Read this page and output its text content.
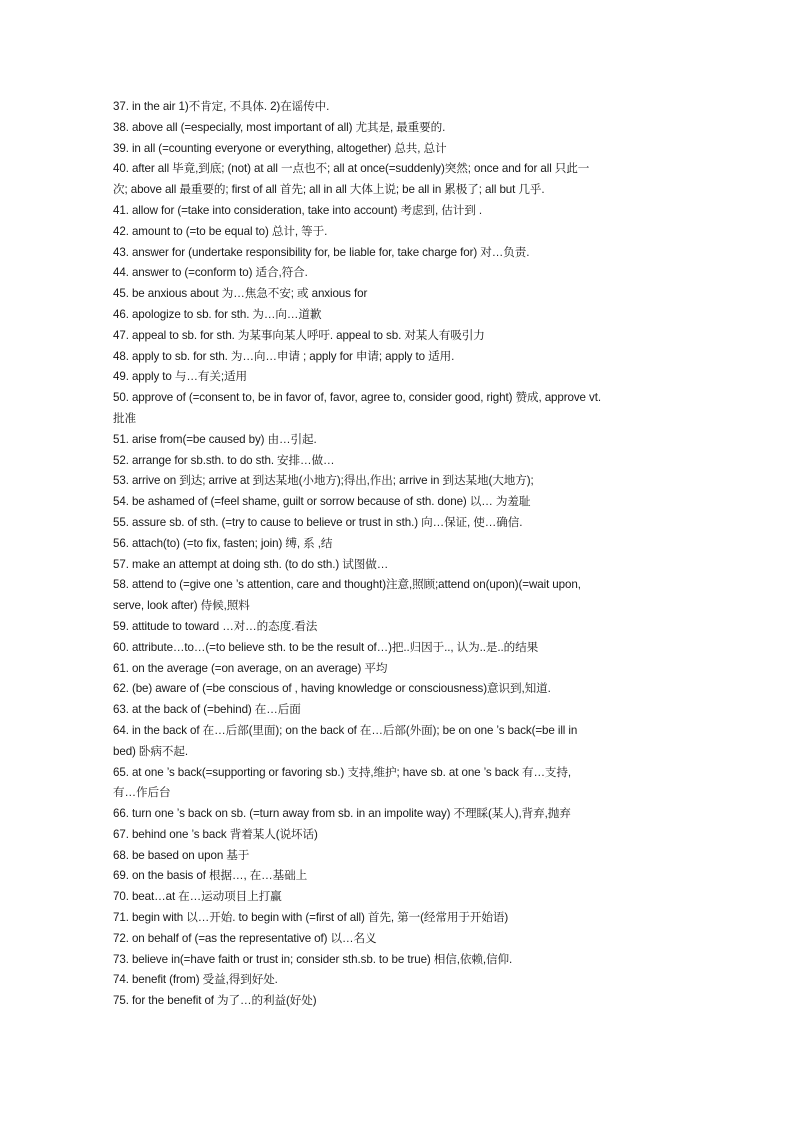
37. in the air 1)不肯定, 不具体. 2)在谣传中.
38. above all (=especially, most important of all) 尤其是, 最重要的.
39. in all (=counting everyone or everything, altogether) 总共, 总计
40. after all 毕竟,到底; (not) at all 一点也不; all at once(=suddenly)突然; once and for all 只此一
次; above all 最重要的; first of all 首先; all in all 大体上说; be all in 累极了; all but 几乎.
41. allow for (=take into consideration, take into account) 考虑到, 估计到 .
42. amount to (=to be equal to) 总计, 等于.
43. answer for (undertake responsibility for, be liable for, take charge for) 对…负责.
44. answer to (=conform to) 适合,符合.
45. be anxious about 为…焦急不安; 或 anxious for
46. apologize to sb. for sth. 为…向…道歉
47. appeal to sb. for sth. 为某事向某人呼吁. appeal to sb. 对某人有吸引力
48. apply to sb. for sth. 为…向…申请 ; apply for 申请; apply to 适用.
49. apply to 与…有关;适用
50. approve of (=consent to, be in favor of, favor, agree to, consider good, right) 赞成, approve vt.
批准
51. arise from(=be caused by) 由…引起.
52. arrange for sb.sth. to do sth. 安排…做…
53. arrive on 到达; arrive at 到达某地(小地方);得出,作出; arrive in 到达某地(大地方);
54. be ashamed of (=feel shame, guilt or sorrow because of sth. done) 以… 为羞耻
55. assure sb. of sth. (=try to cause to believe or trust in sth.) 向…保证, 使…确信.
56. attach(to) (=to fix, fasten; join) 缚, 系 ,结
57. make an attempt at doing sth. (to do sth.) 试图做…
58. attend to (=give one ’s attention, care and thought)注意,照顾;attend on(upon)(=wait upon,
serve, look after) 侍候,照料
59. attitude to toward …对…的态度.看法
60. attribute…to…(=to believe sth. to be the result of…)把..归因于.., 认为..是..的结果
61. on the average (=on average, on an average) 平均
62. (be) aware of (=be conscious of , having knowledge or consciousness)意识到,知道.
63. at the back of (=behind) 在…后面
64. in the back of 在…后部(里面); on the back of 在…后部(外面); be on one ’s back(=be ill in
bed) 卧病不起.
65. at one ’s back(=supporting or favoring sb.) 支持,维护; have sb. at one ’s back 有…支持,
有…作后台
66. turn one ’s back on sb. (=turn away from sb. in an impolite way) 不理睬(某人),背弃,抛弃
67. behind one ’s back 背着某人(说坏话)
68. be based on upon 基于
69. on the basis of 根据…, 在…基础上
70. beat…at 在…运动项目上打赢
71. begin with 以…开始. to begin with (=first of all) 首先, 第一(经常用于开始语)
72. on behalf of (=as the representative of) 以…名义
73. believe in(=have faith or trust in; consider sth.sb. to be true) 相信,依赖,信仰.
74. benefit (from) 受益,得到好处.
75. for the benefit of 为了…的利益(好处)
